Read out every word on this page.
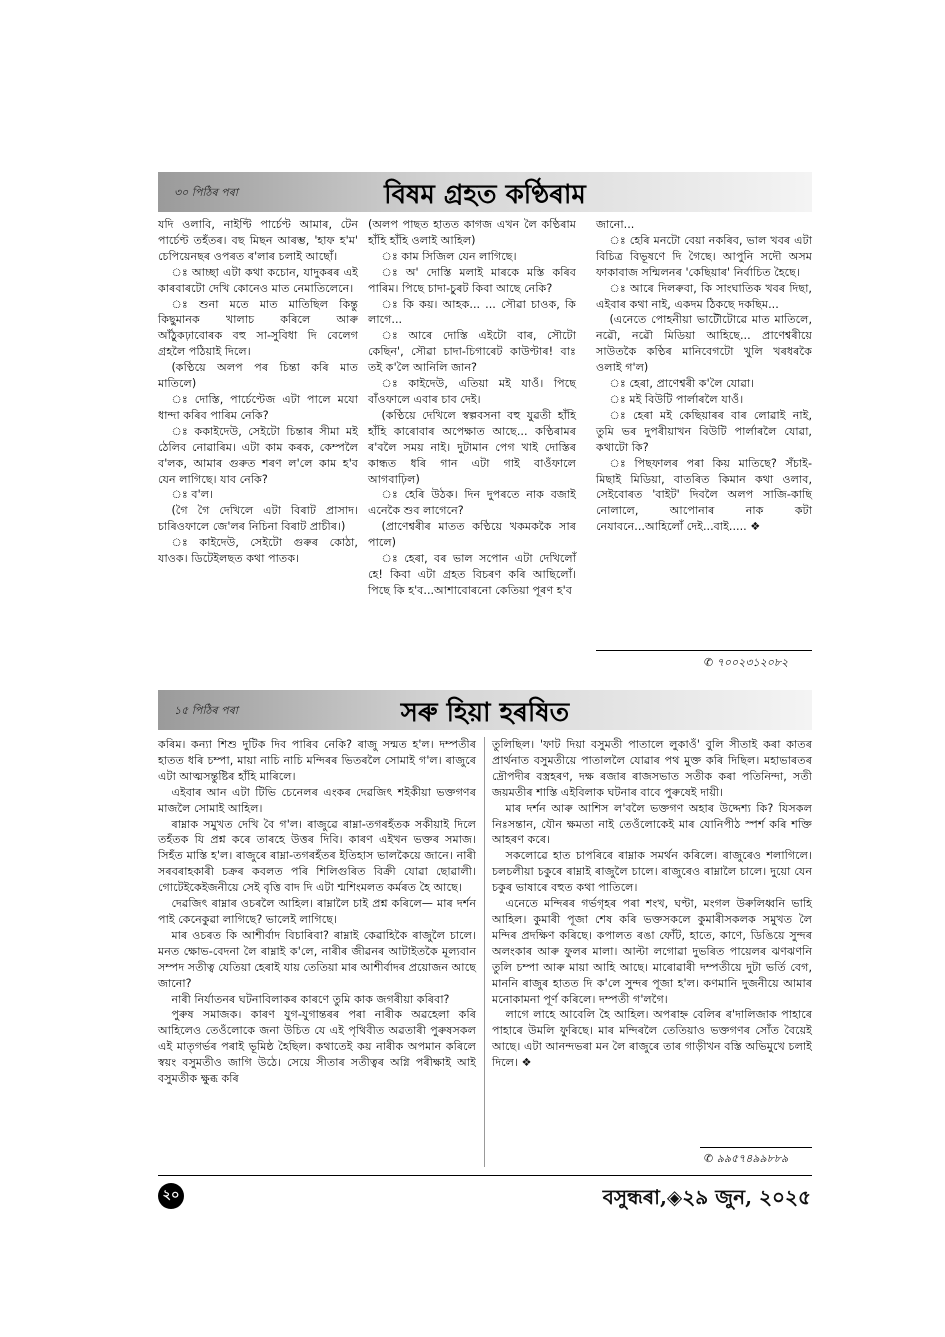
৩০ পিঠিৰ পৰা	বিষম গ্ৰহত কণ্ঠিৰাম

যদি ওলাবি, নাইণ্টি পাৰ্চেণ্ট আমাৰ, টেন পাৰ্চেণ্ট তহঁতৰ। বছ মিছন আৰম্ভ, 'হাফ হ'ম' চেপিয়েনছৰ ওপৰত ৰ'লাৰ চলাই আছোঁ।

ঃ আচ্ছা এটা কথা কচোন, যাদুকৰৰ এই কাৰবাৰটো দেখি কোনেও মাত নেমাতিলেনে।

ঃ শুনা মতে মাত মাতিছিল কিন্তু কিছুমানক খালাচ কৰিলে আৰু আঁঠুকঢ়াবোৰক বহু সা-সুবিধা দি বেলেগ গ্ৰহলৈ পঠিয়াই দিলে।

(কণ্ঠিয়ে অলপ পৰ চিন্তা কৰি মাত মাতিলে)

ঃ দোস্তি, পাৰ্চেণ্টেজ এটা পালে মযো ধান্দা কৰিব পাৰিম নেকি?

ঃ ককাইদেউ, সেইটো চিন্তাৰ সীমা মই ঠেলিব নোৱাৰিম। এটা কাম কৰক, কেম্পলৈ ব'লক, আমাৰ গুৰুত শৰণ ল'লে কাম হ'ব যেন লাগিছে। যাব নেকি?

ঃ ব'ল।

(গৈ গৈ দেখিলে এটা বিৰাট প্ৰাসাদ। চাৰিওফালে জে'লৰ নিচিনা বিৰাট প্ৰাচীৰ।)

ঃ কাইদেউ, সেইটো গুৰুৰ কোঠা, যাওক। ডিটেইলছত কথা পাতক।

(অলপ পাছত হাতত কাগজ এখন লৈ কণ্ঠিৰাম হাঁহি হাঁহি ওলাই আহিল)

ঃ কাম সিজিল যেন লাগিছে।

ঃ অ' দোস্তি মলাই মাৰকে মস্তি কৰিব পাৰিম। পিছে চাদা-চুৰট কিবা আছে নেকি?

ঃ কি কয়। আহক... ... সৌৱা চাওক, কি লাগে...

ঃ আৰে দোস্তি এইটো বাৰ, সৌটো কেছিন', সৌৱা চাদা-চিগাৰেট কাউণ্টাৰ! বাঃ তই ক'লৈ আনিলি জান?

ঃ কাইদেউ, এতিয়া মই যাওঁ। পিছে বাঁওফালে এবাৰ চাব দেই।

(কণ্ঠিয়ে দেখিলে স্বল্পবসনা বহু যুৱতী হাঁহি হাঁহি কাৰোবাৰ অপেক্ষাত আছে... কণ্ঠিৰামৰ ৰ'বলৈ সময় নাই। দুটামান পেগ খাই দোস্তিৰ কান্ধত ধৰি গান এটা গাই বাওঁফালে আগবাঢ়িল)

ঃ হেৰি উঠক। দিন দুপৰতে নাক বজাই এনেকৈ শুব লাগেনে?

(প্ৰাণেশ্বৰীৰ মাতত কণ্ঠিয়ে খকমককৈ সাৰ পালে)

ঃ হেৰা, বৰ ভাল সপোন এটা দেখিলোঁ হে! কিবা এটা গ্ৰহত বিচৰণ কৰি আছিলোঁ। পিছে কি হ'ব...আশাবোৰনো কেতিয়া পূৰণ হ'ব

জানো...

ঃ হেৰি মনটো বেয়া নকৰিব, ভাল খবৰ এটা বিচিত্ৰ বিভূষণে দি গৈছে। আপুনি সদৌ অসম ফাকাবাজ সন্মিলনৰ 'কেছিয়াৰ' নিৰ্বাচিত হৈছে।

ঃ আৰে দিলৰুবা, কি সাংঘাতিক খবৰ দিছা, এইবাৰ কথা নাই, একদম ঠিকছে দকছিম...

(এনেতে পোহনীয়া ভাটৌটোৱে মাত মাতিলে, নৱৌ, নৱৌ মিডিয়া আহিছে... প্ৰাণেশ্বৰীয়ে সাউতকৈ কণ্ঠিৰ মানিবেগটো খুলি খৰধৰকৈ ওলাই গ'ল)

ঃ হেৰা, প্ৰাণেশ্বৰী ক'লৈ যোৱা।

ঃ মই বিউটি পাৰ্লাৰলৈ যাওঁ।

ঃ হেৰা মই কেছিয়াৰৰ বাৰ লোৱাই নাই, তুমি ভৰ দুপৰীয়াখন বিউটি পাৰ্লাৰলৈ যোৱা, কথাটো কি?

ঃ পিছফালৰ পৰা কিয় মাতিছে? সঁচাই-মিছাই মিডিয়া, বাতৰিত কিমান কথা ওলাব, সেইবোৰত 'বাইট' দিবলৈ অলপ সাজি-কাছি নোলালে, আপোনাৰ নাক কটা নেযাবনে...আহিলোঁ দেই...বাই..... ❖

✆ ৭০০২৩১২০৮২
১৫ পিঠিৰ পৰা	সৰু হিয়া হৰষিত

কৰিম। কন্যা শিশু দুটিক দিব পাৰিব নেকি? ৰাজু সন্মত হ'ল। দম্পতীৰ হাতত ধৰি চম্পা, মায়া নাচি নাচি মন্দিৰৰ ভিতৰলৈ সোমাই গ'ল। ৰাজুৰে এটা আত্মসন্তুষ্টিৰ হাঁহি মাৰিলে।

এইবাৰ আন এটা টিভি চেনেলৰ এংকৰ দেৱজিৎ শইকীয়া ভক্তগণৰ মাজলৈ সোমাই আহিল।

ৰাম্নাক সমুখত দেখি বৈ গ'ল। ৰাজুৱে ৰাম্না-তগৰহঁতক সকীয়াই দিলে তহঁতক যি প্ৰশ্ন কৰে তাৰহে উত্তৰ দিবি। কাৰণ এইখন ভক্তৰ সমাজ। সিহঁত মাস্তি হ'ল। ৰাজুৰে ৰাম্না-তগৰহঁতৰ ইতিহাস ভালকৈয়ে জানে। নাৰী সৰবৰাহকাৰী চক্ৰৰ কবলত পৰি শিলিগুৰিত বিক্ৰী যোৱা ছোৱালী। গোটেইকেইজনীয়ে সেই বৃত্তি বাদ দি এটা শ্মশিংমলত কৰ্মৰত হৈ আছে।

দেৱজিৎ ৰাম্নাৰ ওচৰলৈ আহিল। ৰাম্নালৈ চাই প্ৰশ্ন কৰিলে— মাৰ দৰ্শন পাই কেনেকুৱা লাগিছে? ভালেই লাগিছে।

মাৰ ওচৰত কি আশীৰ্বাদ বিচাৰিবা? ৰাম্নাই কেৱাহিকৈ ৰাজুলৈ চালে। মনত ক্ষোভ-বেদনা লৈ ৰাম্নাই ক'লে, নাৰীৰ জীৱনৰ আটাইতকৈ মূল্যবান সম্পদ সতীত্ব যেতিয়া হেৰাই যায় তেতিয়া মাৰ আশীৰ্বাদৰ প্ৰয়োজন আছে জানো?

নাৰী নিৰ্যাতনৰ ঘটনাবিলাকৰ কাৰণে তুমি কাক জগৰীয়া কৰিবা?

পুৰুষ সমাজক। কাৰণ যুগ-যুগান্তৰৰ পৰা নাৰীক অৱহেলা কৰি আহিলেও তেওঁলোকে জনা উচিত যে এই পৃথিবীত অৱতাৰী পুৰুষসকল এই মাতৃগৰ্ভৰ পৰাই ভূমিষ্ঠ হৈছিল। কথাতেই কয় নাৰীক অপমান কৰিলে স্বয়ং বসুমতীও জাগি উঠে। সেয়ে সীতাৰ সতীত্বৰ অগ্নি পৰীক্ষাই আই বসুমতীক ক্ষুব্ধ কৰি

তুলিছিল। 'ফাট দিয়া বসুমতী পাতালে লুকাওঁ' বুলি সীতাই কৰা কাতৰ প্ৰাৰ্থনাত বসুমতীয়ে পাতাললৈ যোৱাৰ পথ মুক্ত কৰি দিছিল। মহাভাৰতৰ দ্ৰৌপদীৰ বস্ত্ৰহৰণ, দক্ষ ৰজাৰ ৰাজসভাত সতীক কৰা পতিনিন্দা, সতী জয়মতীৰ শাস্তি এইবিলাক ঘটনাৰ বাবে পুৰুষেই দায়ী।

মাৰ দৰ্শন আৰু আশিস ল'বলৈ ভক্তগণ অহাৰ উদ্দেশ্য কি? যিসকল নিঃসন্তান, যৌন ক্ষমতা নাই তেওঁলোকেই মাৰ যোনিপীঠ স্পৰ্শ কৰি শক্তি আহৰণ কৰে।

সকলোৱে হাত চাপৰিৰে ৰাম্নাক সমৰ্থন কৰিলে। ৰাজুৰেও শলাগিলে। চলচলীয়া চকুৰে ৰাম্নাই ৰাজুলৈ চালে। ৰাজুৰেও ৰাম্নালৈ চালে। দুয়ো যেন চকুৰ ভাষাৰে বহুত কথা পাতিলে।

এনেতে মন্দিৰৰ গৰ্ভগৃহৰ পৰা শংখ, ঘণ্টা, মংগল উৰুলিধ্বনি ভাহি আহিল। কুমাৰী পূজা শেষ কৰি ভক্তসকলে কুমাৰীসকলক সমুখত লৈ মন্দিৰ প্ৰদক্ষিণ কৰিছে। কপালত ৰঙা ফোঁট, হাতে, কাণে, ডিঙিয়ে সুন্দৰ অলংকাৰ আৰু ফুলৰ মালা। আল্টা লগোৱা দুভৰিত পায়েলৰ ঝণঝণনি তুলি চম্পা আৰু মায়া আহি আছে। মাৰোৱাৰী দম্পতীয়ে দুটা ভৰ্তি বেগ, মাননি ৰাজুৰ হাতত দি ক'লে সুন্দৰ পূজা হ'ল। কণমানি দুজনীয়ে আমাৰ মনোকামনা পূৰ্ণ কৰিলে। দম্পতী গ'লগৈ।

লাগে লাহে আবেলি হৈ আহিল। অপৰাহ্ন বেলিৰ ৰ'দালিজাক পাহাৰে পাহাৰে উমলি ফুৰিছে। মাৰ মন্দিৰলৈ তেতিয়াও ভক্তগণৰ সোঁত বৈয়েই আছে। এটা আনন্দভৰা মন লৈ ৰাজুৰে তাৰ গাড়ীখন বস্তি অভিমুখে চলাই দিলে। ❖

✆ ৯৯৫৭৪৯৯৮৮৯
২০	বসুন্ধৰা,◈২৯ জুন, ২০২৫
